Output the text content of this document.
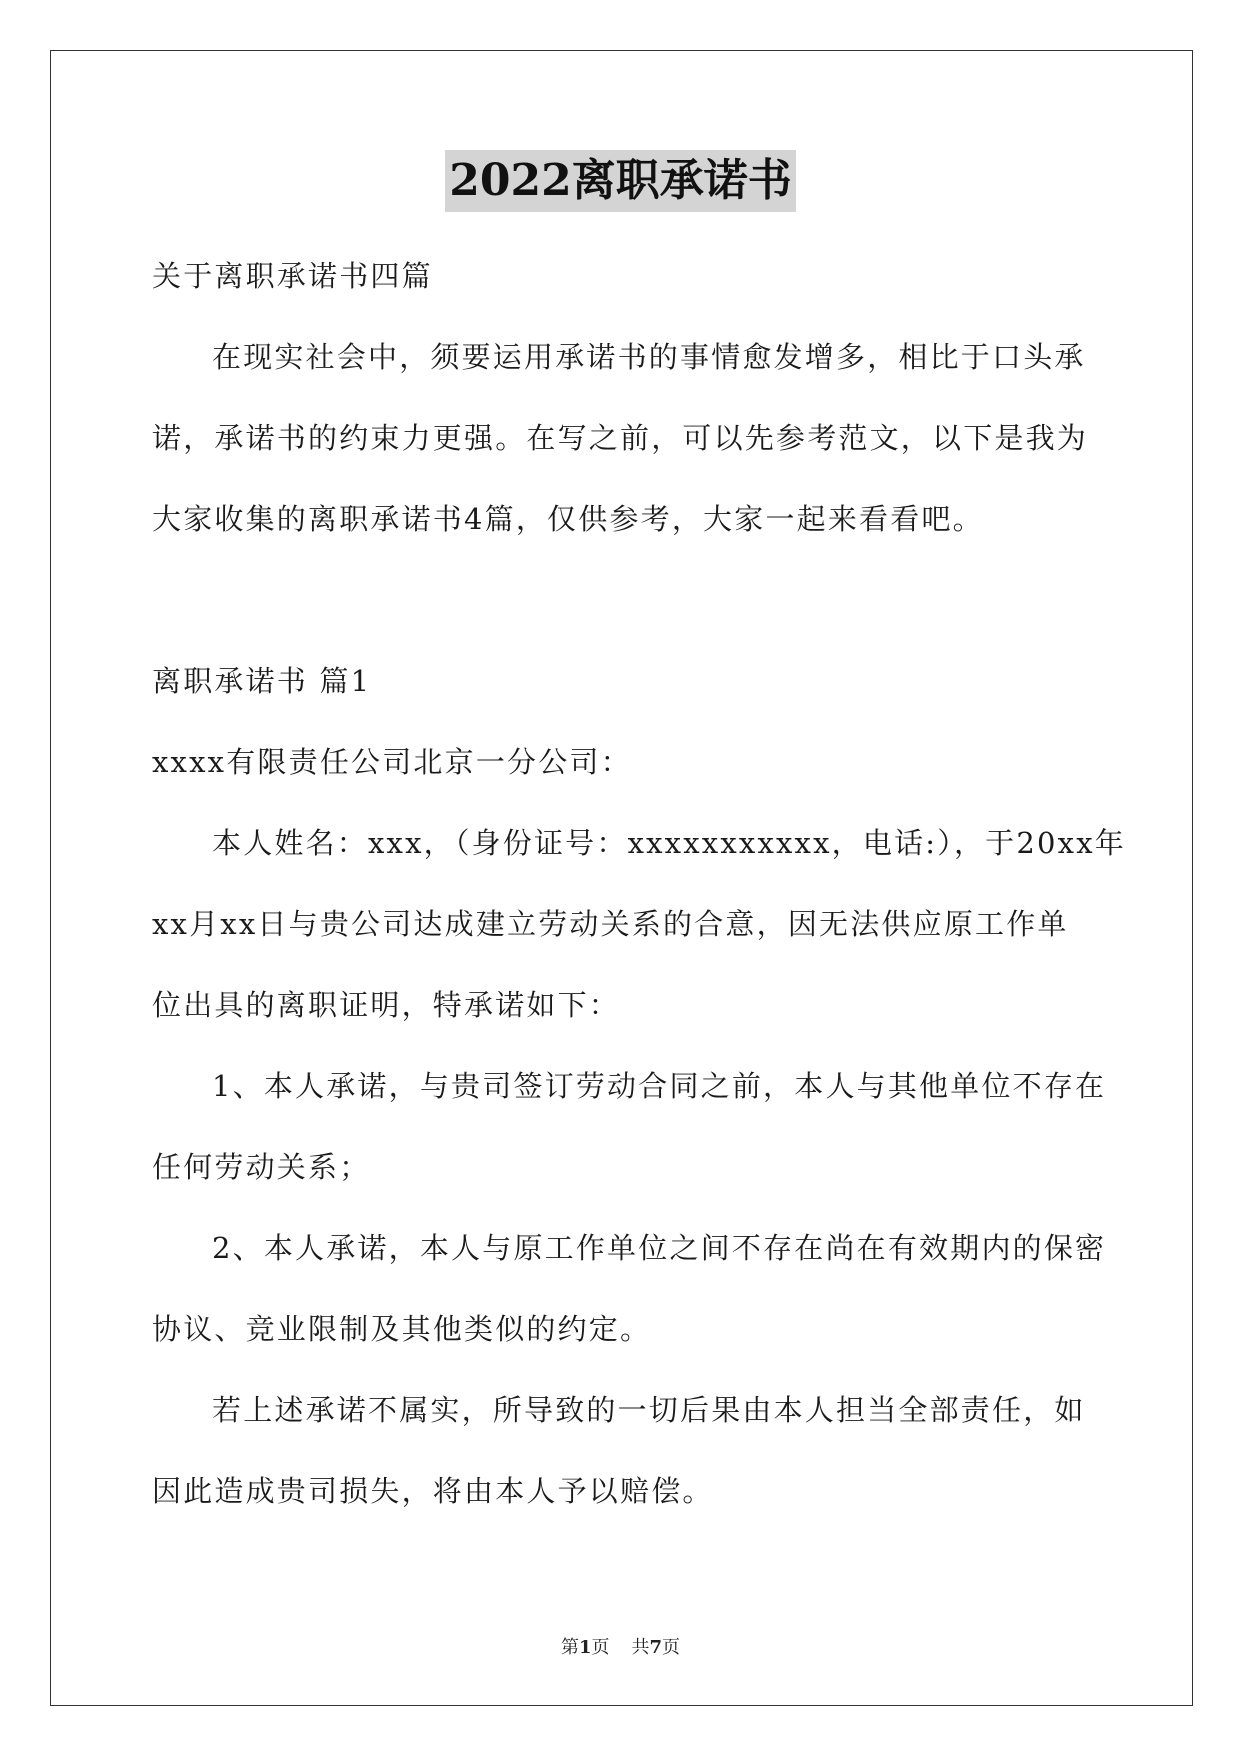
2022离职承诺书
关于离职承诺书四篇
在现实社会中，须要运用承诺书的事情愈发增多，相比于口头承
诺，承诺书的约束力更强。在写之前，可以先参考范文，以下是我为
大家收集的离职承诺书4篇，仅供参考，大家一起来看看吧。
离职承诺书 篇1
xxxx有限责任公司北京一分公司：
本人姓名：xxx，（身份证号：xxxxxxxxxxx，电话:），于20xx年
xx月xx日与贵公司达成建立劳动关系的合意，因无法供应原工作单
位出具的离职证明，特承诺如下：
1、本人承诺，与贵司签订劳动合同之前，本人与其他单位不存在
任何劳动关系；
2、本人承诺，本人与原工作单位之间不存在尚在有效期内的保密
协议、竞业限制及其他类似的约定。
若上述承诺不属实，所导致的一切后果由本人担当全部责任，如
因此造成贵司损失，将由本人予以赔偿。
第1页 共7页
